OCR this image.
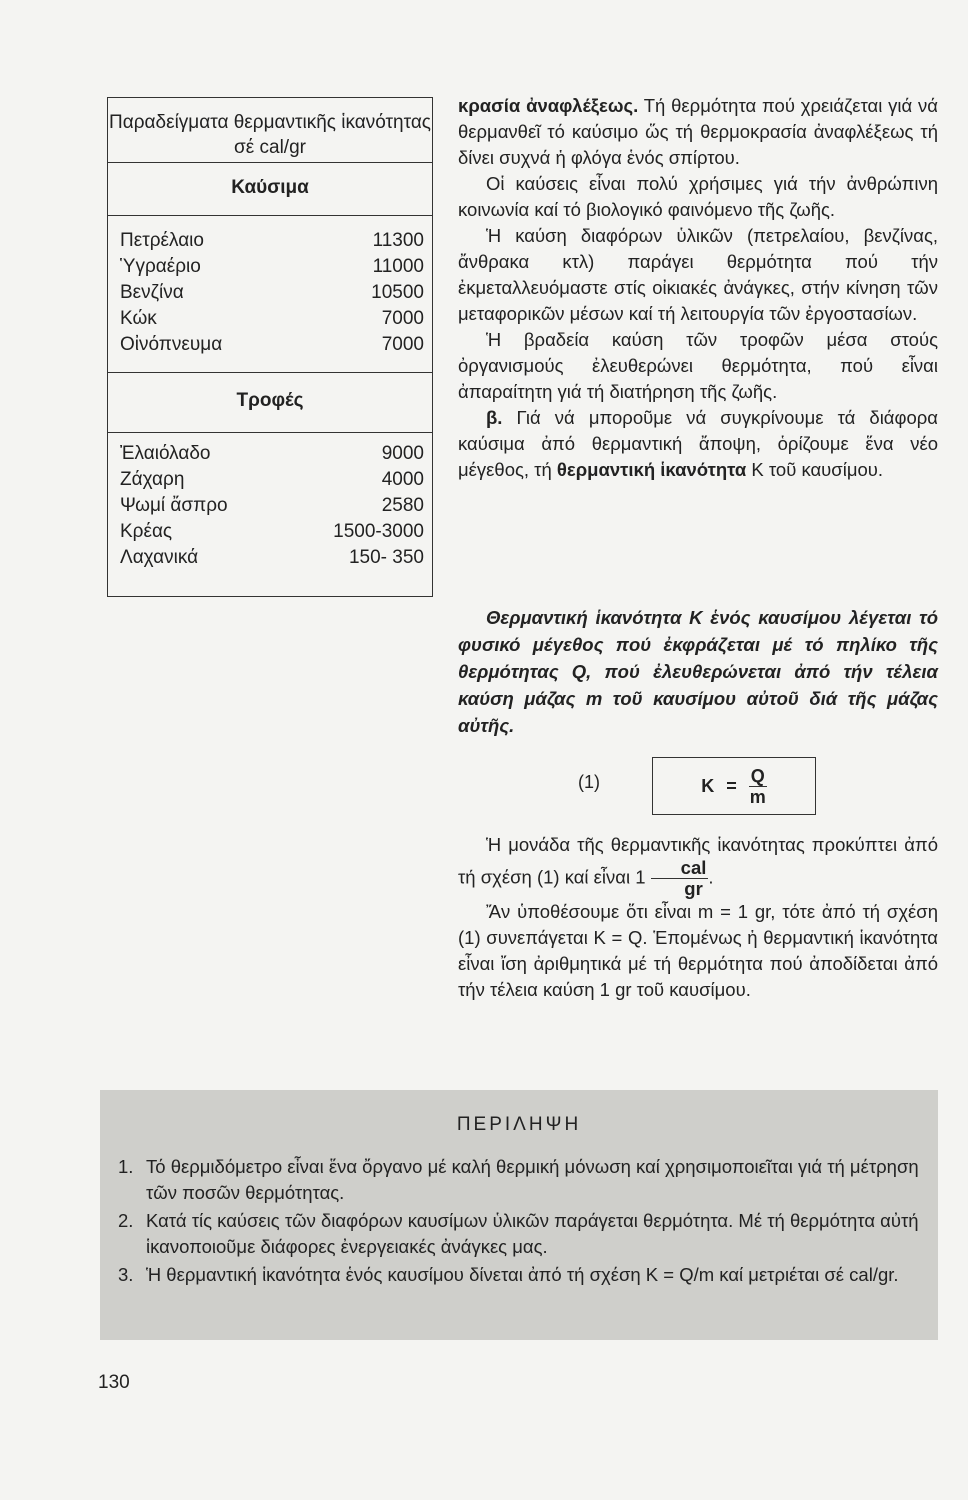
Παραδείγματα θερμαντικῆς ἱκανότητας σέ cal/gr
Καύσιμα
Πετρέλαιο	11300
Ὑγραέριο	11000
Βενζίνα	10500
Κώκ	7000
Οἰνόπνευμα	7000
Τροφές
Ἐλαιόλαδο	9000
Ζάχαρη	4000
Ψωμί ἄσπρο	2580
Κρέας	1500-3000
Λαχανικά	150- 350

κρασία ἀναφλέξεως. Τή θερμότητα πού χρειάζεται γιά νά θερμανθεῖ τό καύσιμο ὥς τή θερμοκρασία ἀναφλέξεως τή δίνει συχνά ἡ φλόγα ἑνός σπίρτου.

Οἱ καύσεις εἶναι πολύ χρήσιμες γιά τήν ἀνθρώπινη κοινωνία καί τό βιολογικό φαινόμενο τῆς ζωῆς.

Ἡ καύση διαφόρων ὑλικῶν (πετρελαίου, βενζίνας, ἄνθρακα κτλ) παράγει θερμότητα πού τήν ἐκμεταλλευόμαστε στίς οἰκιακές ἀνάγκες, στήν κίνηση τῶν μεταφορικῶν μέσων καί τή λειτουργία τῶν ἐργοστασίων.

Ἡ βραδεία καύση τῶν τροφῶν μέσα στούς ὀργανισμούς ἐλευθερώνει θερμότητα, πού εἶναι ἀπαραίτητη γιά τή διατήρηση τῆς ζωῆς.

β. Γιά νά μποροῦμε νά συγκρίνουμε τά διάφορα καύσιμα ἀπό θερμαντική ἄποψη, ὁρίζουμε ἕνα νέο μέγεθος, τή θερμαντική ἱκανότητα Κ τοῦ καυσίμου.

Θερμαντική ἱκανότητα Κ ἑνός καυσίμου λέγεται τό φυσικό μέγεθος πού ἐκφράζεται μέ τό πηλίκο τῆς θερμότητας Q, πού ἐλευθερώνεται ἀπό τήν τέλεια καύση μάζας m τοῦ καυσίμου αὐτοῦ διά τῆς μάζας αὐτῆς.

(1)	$K = \frac{Q}{m}$

Ἡ μονάδα τῆς θερμαντικῆς ἱκανότητας προκύπτει ἀπό τή σχέση (1) καί εἶναι $1 \frac{\text{cal}}{gr}$ .

Ἄν ὑποθέσουμε ὅτι εἶναι m = 1 gr, τότε ἀπό τή σχέση (1) συνεπάγεται Κ = Q. Ἑπομένως ἡ θερμαντική ἱκανότητα εἶναι ἴση ἀριθμητικά μέ τή θερμότητα πού ἀποδίδεται ἀπό τήν τέλεια καύση 1 gr τοῦ καυσίμου.

ΠΕΡΙΛΗΨΗ
1. Τό θερμιδόμετρο εἶναι ἕνα ὄργανο μέ καλή θερμική μόνωση καί χρησιμοποιεῖται γιά τή μέτρηση τῶν ποσῶν θερμότητας.
2. Κατά τίς καύσεις τῶν διαφόρων καυσίμων ὑλικῶν παράγεται θερμότητα. Μέ τή θερμότητα αὐτή ἱκανοποιοῦμε διάφορες ἐνεργειακές ἀνάγκες μας.
3. Ἡ θερμαντική ἱκανότητα ἑνός καυσίμου δίνεται ἀπό τή σχέση Κ = Q/m καί μετριέται σέ cal/gr.
130
